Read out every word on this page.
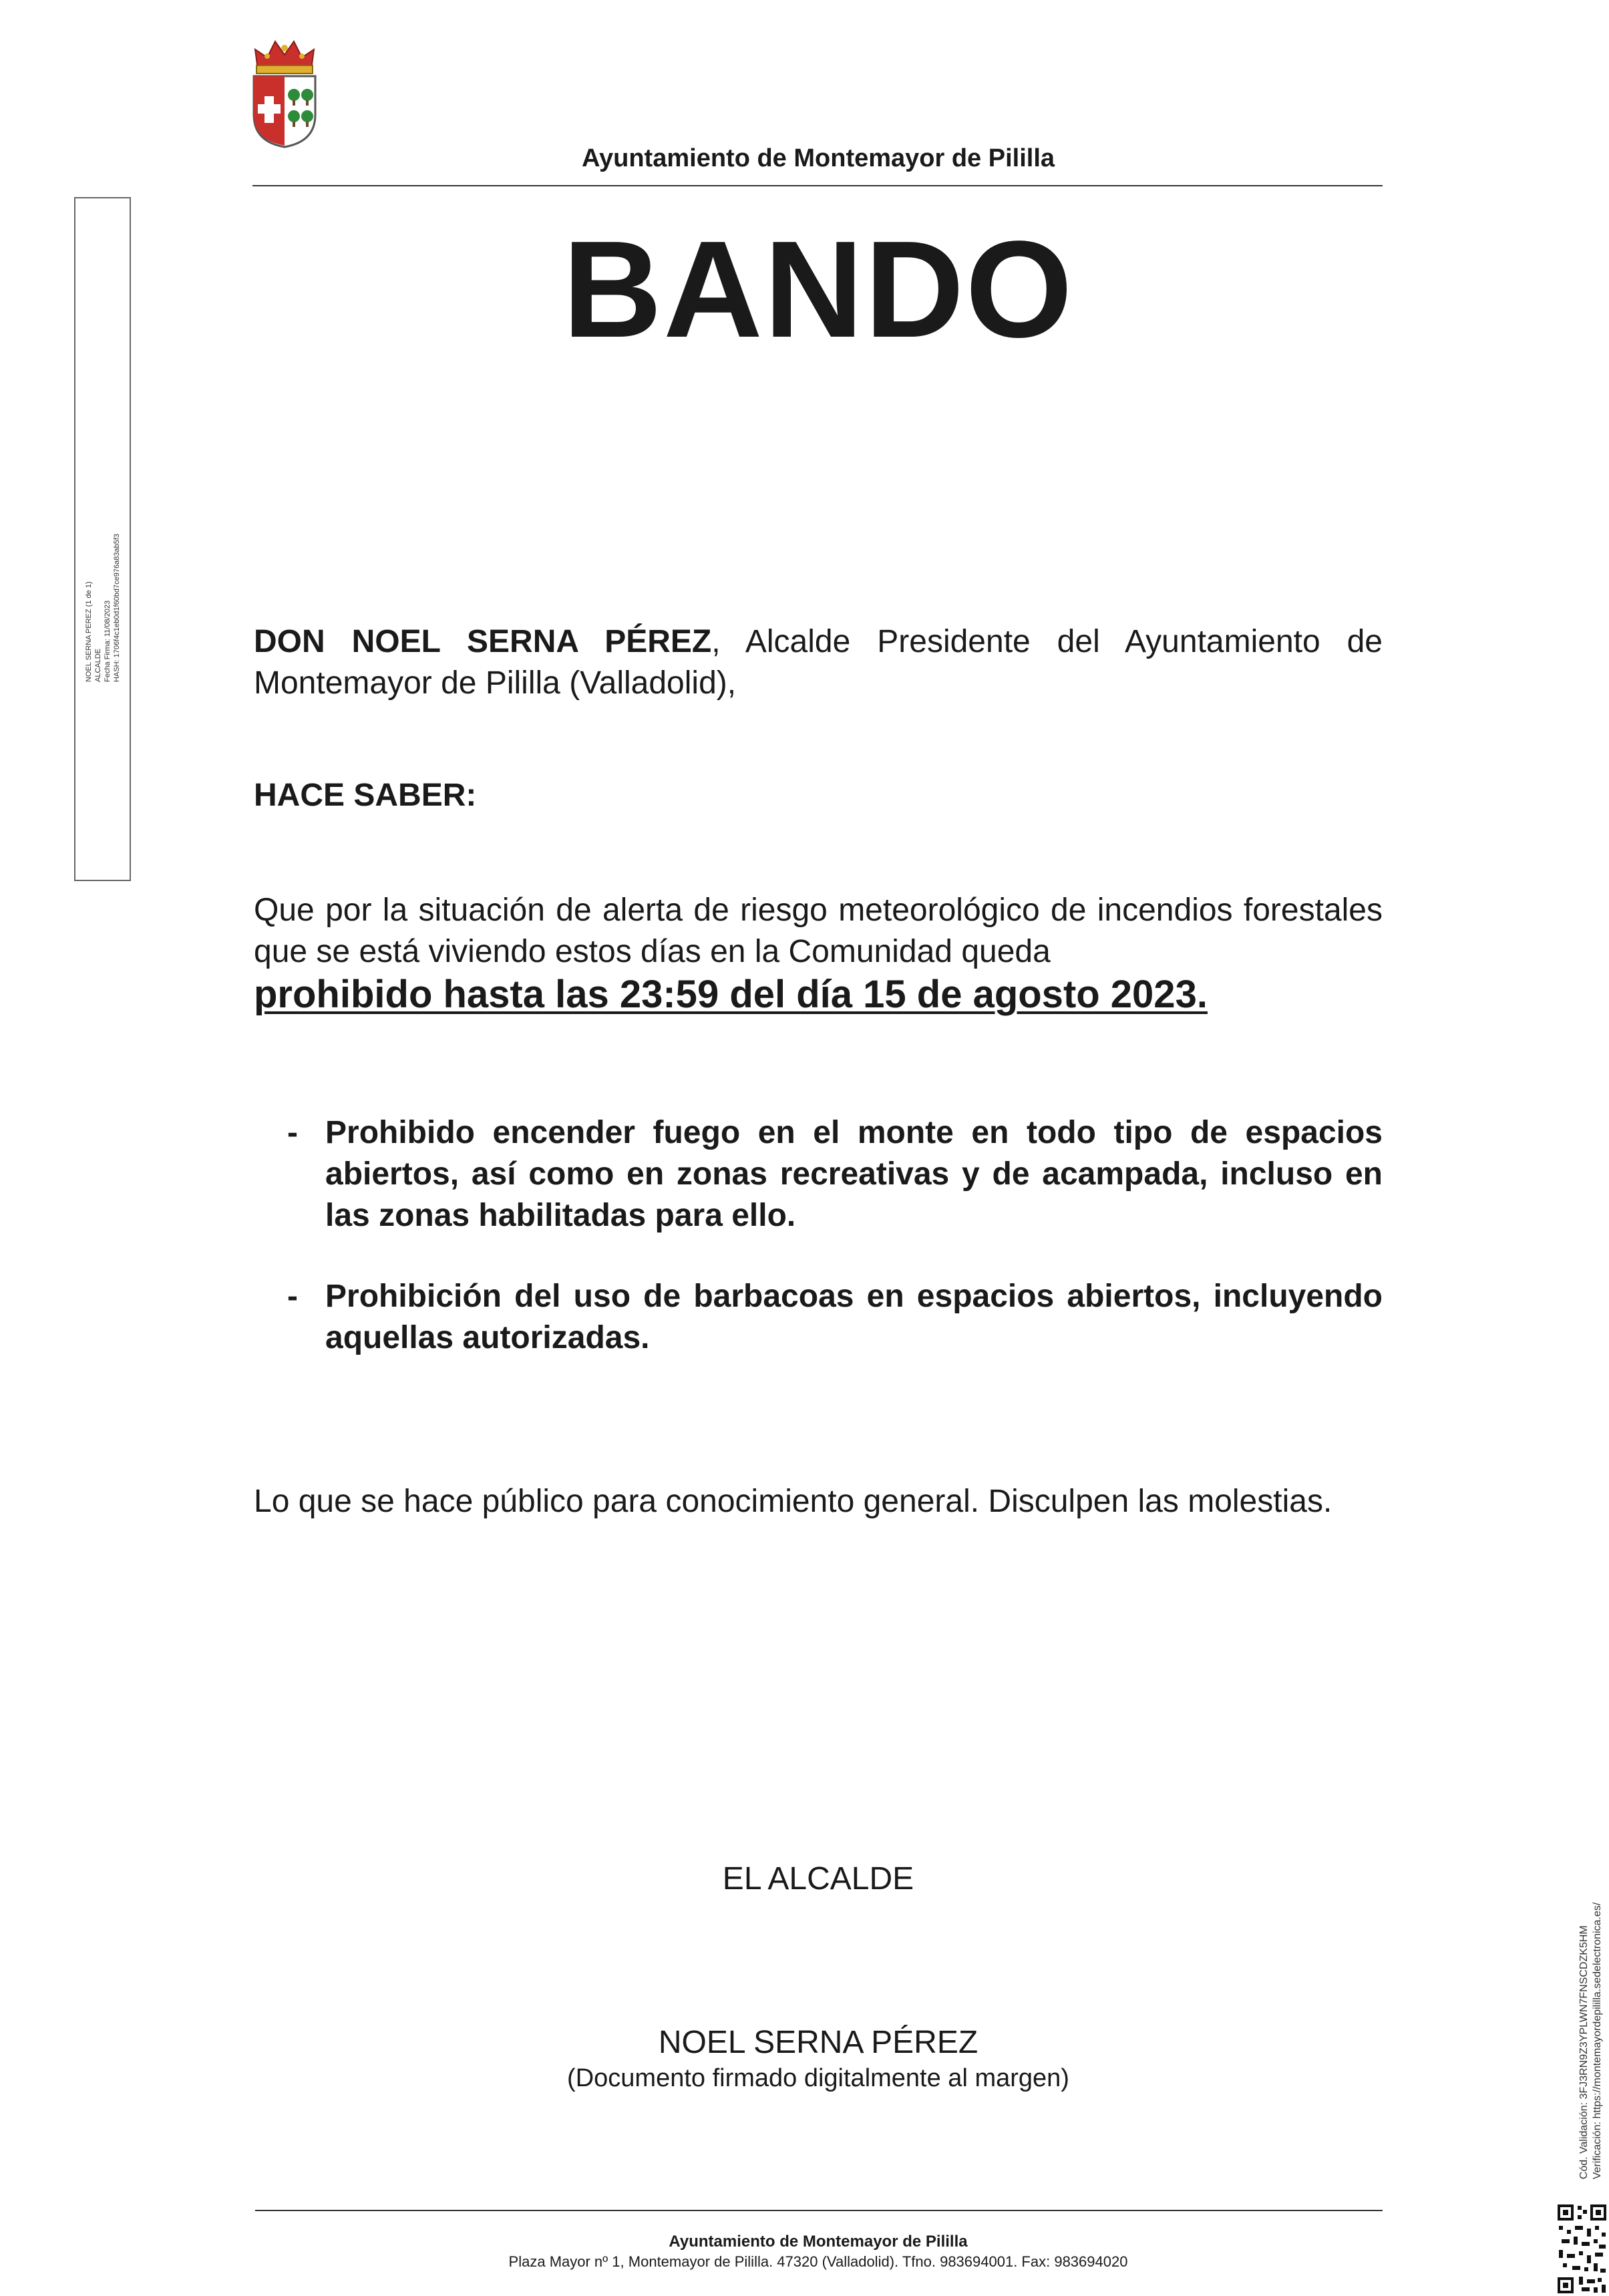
Ayuntamiento de Montemayor de Pililla
BANDO
NOEL SERNA PEREZ (1 de 1) ALCALDE Fecha Firma: 11/08/2023 HASH: 1706f4c1eb0d1f60bd7ce976a83ab5f3	DON NOEL SERNA PÉREZ, Alcalde Presidente del Ayuntamiento de Montemayor de Pililla (Valladolid),
HACE SABER:
Que por la situación de alerta de riesgo meteorológico de incendios forestales que se está viviendo estos días en la Comunidad queda
prohibido hasta las 23:59 del día 15 de agosto 2023.
- Prohibido encender fuego en el monte en todo tipo de espacios abiertos, así como en zonas recreativas y de acampada, incluso en las zonas habilitadas para ello.
- Prohibición del uso de barbacoas en espacios abiertos, incluyendo aquellas autorizadas.
Lo que se hace público para conocimiento general. Disculpen las molestias.
EL ALCALDE
NOEL SERNA PÉREZ
(Documento firmado digitalmente al margen)
Ayuntamiento de Montemayor de Pililla
Plaza Mayor nº 1, Montemayor de Pililla. 47320 (Valladolid). Tfno. 983694001. Fax: 983694020
Cód. Validación: 3FJ3RN9Z3YPLWN7FNSCDZK5HM Verificación: https://montemayordepililla.sedelectronica.es/
